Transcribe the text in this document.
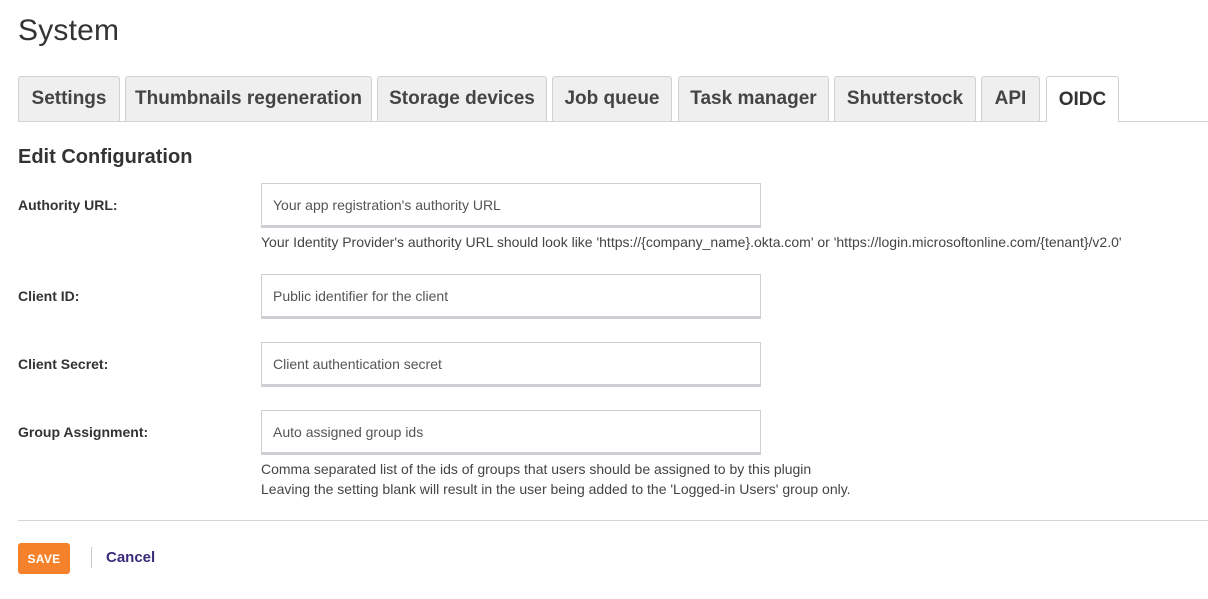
System
Settings	Thumbnails regeneration	Storage devices	Job queue	Task manager	Shutterstock	API	OIDC
Edit Configuration
Authority URL:
Your app registration's authority URL
Your Identity Provider's authority URL should look like 'https://{company_name}.okta.com' or 'https://login.microsoftonline.com/{tenant}/v2.0'
Client ID:
Public identifier for the client
Client Secret:
Client authentication secret
Group Assignment:
Auto assigned group ids
Comma separated list of the ids of groups that users should be assigned to by this plugin
Leaving the setting blank will result in the user being added to the 'Logged-in Users' group only.
SAVE	Cancel
